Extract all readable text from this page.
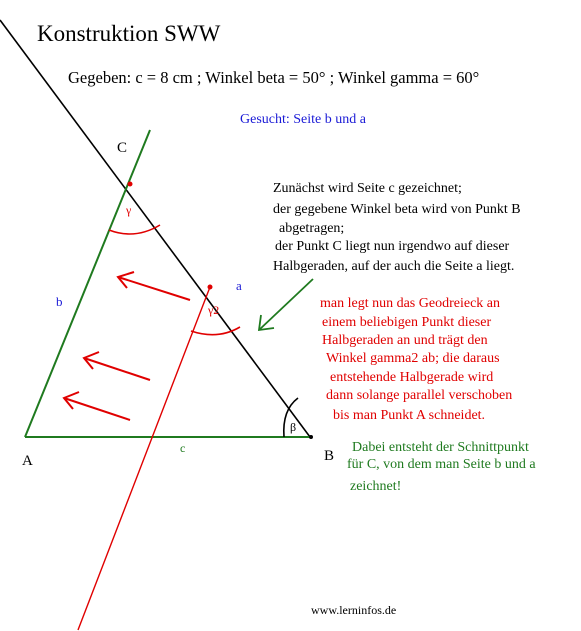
Konstruktion SWW
Gegeben: c = 8 cm ; Winkel beta = 50° ; Winkel gamma = 60°
Gesucht: Seite b und a
C
A	B
a
b
c
γ
γ2
β
Zunächst wird Seite c gezeichnet;
der gegebene Winkel beta wird von Punkt B
abgetragen;
der Punkt C liegt nun irgendwo auf dieser
Halbgeraden, auf der auch die Seite a liegt.
man legt nun das Geodreieck an
einem beliebigen Punkt dieser
Halbgeraden an und trägt den
Winkel gamma2 ab; die daraus
entstehende Halbgerade wird
dann solange parallel verschoben
bis man Punkt A schneidet.
Dabei entsteht der Schnittpunkt
für C, von dem man Seite b und a
zeichnet!
www.lerninfos.de
